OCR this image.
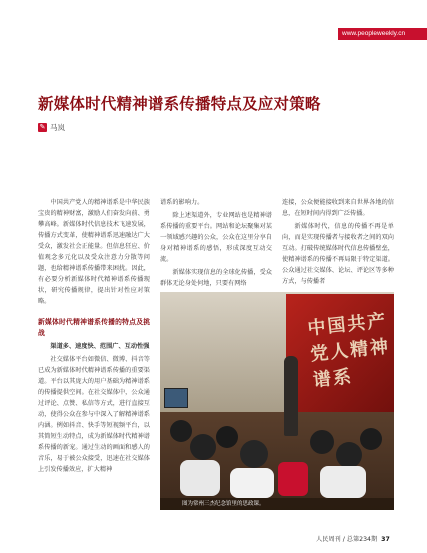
www.peopleweekly.cn
新媒体时代精神谱系传播特点及应对策略
✎ 马岚

中国共产党人的精神谱系是中华民族宝贵的精神财富，激励人们奋发向前、勇攀高峰。新媒体时代信息技术飞速发展，传播方式变革，使精神谱系迅速融达广大受众，激发社会正能量。但信息狂应、价值观念多元化以及受众注意力分散等问题，也给精神谱系传播带来困扰。因此，有必要分析新媒体时代精神谱系传播现状，研究传播规律，提出针对性应对策略。

新媒体时代精神谱系传播的特点及挑战

渠道多、速度快、范围广、互动性强

社交媒体平台如微信、微博、抖音等已成为新媒体时代精神谱系传播的重要渠道。平台以其庞大的用户基础为精神谱系的传播提供空间。在社交媒体中，公众通过评论、点赞、私信等方式，进行直接互动，使得公众在参与中深入了解精神谱系内涵。例如抖音、快手等短视频平台，以其简短生动特点，成为新媒体时代精神谱系传播的新宠。通过生动的画面和感人的音乐，易于被公众接受，迅速在社交媒体上引发传播效应，扩大精神

谱系的影响力。

除上述渠道外，专业网站也是精神谱系传播的重要平台。网站和论坛聚集对某一领域感兴趣的公众，公众在这里分享自身对精神谱系的感悟，形成深度互动交流。

新媒体实现信息的全球化传播，受众群体无论身处何地，只要有网络

连接，公众便能接收到来自世界各地的信息，在短时间内得到广泛传播。

新媒体时代，信息的传播不再是单向，而是实现传播者与接收者之间的双向互动。打破传统媒体时代信息传播壁垒，使精神谱系的传播不再局限于特定渠道。公众通过社交媒体、论坛、评论区等多种方式，与传播者

中国共产党人精神谱系
图为常州三杰纪念馆里的思政课。
人民周刊 / 总第234期 37
